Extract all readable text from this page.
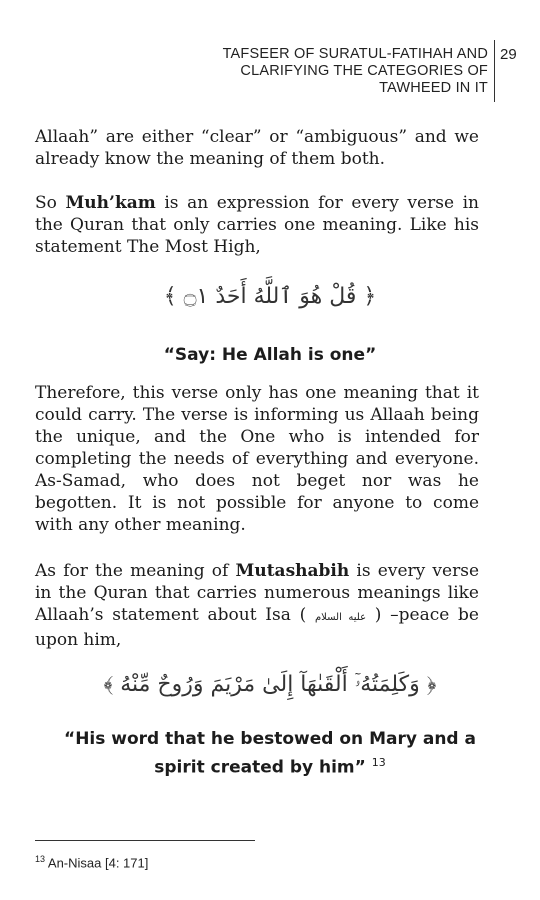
TAFSEER OF SURATUL-FATIHAH AND
CLARIFYING THE CATEGORIES OF
TAWHEED IN IT
29

Allaah” are either “clear” or “ambiguous” and we already know the meaning of them both.

So Muh’kam is an expression for every verse in the Quran that only carries one meaning. Like his statement The Most High,

﴿ قُلْ هُوَ ٱللَّهُ أَحَدٌ ۝١ ﴾
“Say: He Allah is one”

Therefore, this verse only has one meaning that it could carry. The verse is informing us Allaah being the unique, and the One who is intended for completing the needs of everything and everyone. As-Samad, who does not beget nor was he begotten. It is not possible for anyone to come with any other meaning.

As for the meaning of Mutashabih is every verse in the Quran that carries numerous meanings like Allaah’s statement about Isa ( عليه السلام ) –peace be upon him,

﴿ وَكَلِمَتُهُۥٓ أَلْقَىٰهَآ إِلَىٰ مَرْيَمَ وَرُوحٌ مِّنْهُ ﴾
“His word that he bestowed on Mary and a
spirit created by him” $^{13}$
$^{13}$ An-Nisaa [4: 171]
